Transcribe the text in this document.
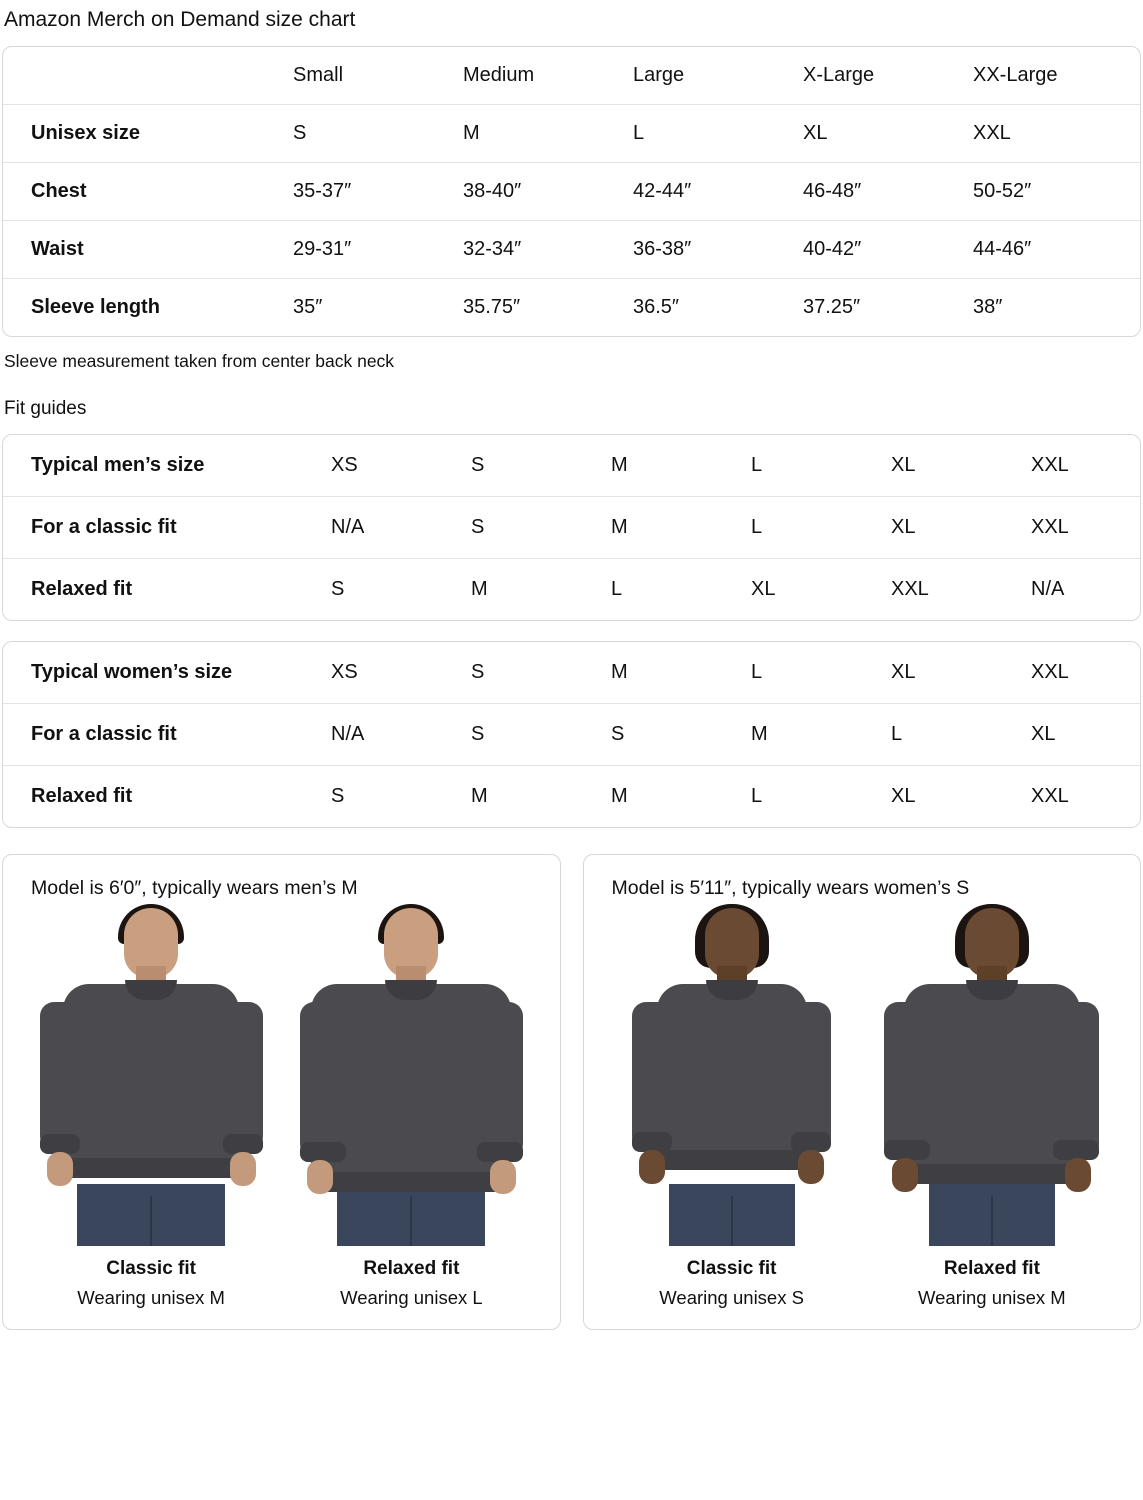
Amazon Merch on Demand size chart
	Small	Medium	Large	X-Large	XX-Large
Unisex size	S	M	L	XL	XXL
Chest	35-37″	38-40″	42-44″	46-48″	50-52″
Waist	29-31″	32-34″	36-38″	40-42″	44-46″
Sleeve length	35″	35.75″	36.5″	37.25″	38″
Sleeve measurement taken from center back neck
Fit guides
Typical men’s size	XS	S	M	L	XL	XXL
For a classic fit	N/A	S	M	L	XL	XXL
Relaxed fit	S	M	L	XL	XXL	N/A
Typical women’s size	XS	S	M	L	XL	XXL
For a classic fit	N/A	S	S	M	L	XL
Relaxed fit	S	M	M	L	XL	XXL
Model is 6′0″, typically wears men’s M
Classic fit
Wearing unisex M
Relaxed fit
Wearing unisex L
Model is 5′11″, typically wears women’s S
Classic fit
Wearing unisex S
Relaxed fit
Wearing unisex M
